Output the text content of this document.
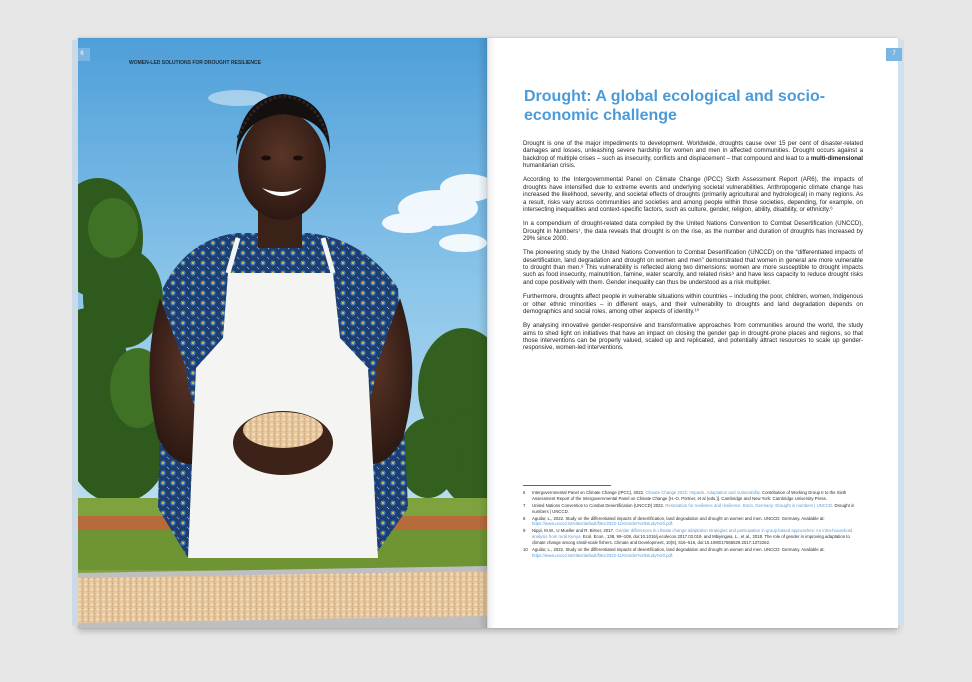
6	UNCCD | 2024
SUMMARY FOR POLICY MAKERS
WOMEN-LED SOLUTIONS FOR DROUGHT RESILIENCE
7
Drought: A global ecological and socio-economic challenge

Drought is one of the major impediments to development. Worldwide, droughts cause over 15 per cent of disaster-related damages and losses, unleashing severe hardship for women and men in affected communities. Drought occurs against a backdrop of multiple crises – such as insecurity, conflicts and displacement – that compound and lead to a multi-dimensional humanitarian crisis.

According to the Intergovernmental Panel on Climate Change (IPCC) Sixth Assessment Report (AR6), the impacts of droughts have intensified due to extreme events and underlying societal vulnerabilities. Anthropogenic climate change has increased the likelihood, severity, and societal effects of droughts (primarily agricultural and hydrological) in many regions. As a result, risks vary across communities and societies and among people within those societies, depending, for example, on intersecting inequalities and context-specific factors, such as culture, gender, religion, ability, disability, or ethnicity.⁶

In a compendium of drought-related data compiled by the United Nations Convention to Combat Desertification (UNCCD), Drought in Numbers⁷, the data reveals that drought is on the rise, as the number and duration of droughts has increased by 29% since 2000.

The pioneering study by the United Nations Convention to Combat Desertification (UNCCD) on the “differentiated impacts of desertification, land degradation and drought on women and men” demonstrated that women in general are more vulnerable to drought than men.⁸ This vulnerability is reflected along two dimensions: women are more susceptible to drought impacts such as food insecurity, malnutrition, famine, water scarcity, and related risks⁹ and have less capacity to reduce drought risks and cope positively with them. Gender inequality can thus be understood as a risk multiplier.

Furthermore, droughts affect people in vulnerable situations within countries – including the poor, children, women, Indigenous or other ethnic minorities – in different ways, and their vulnerability to droughts and land degradation depends on demographics and social roles, among other aspects of identity.¹⁰

By analysing innovative gender-responsive and transformative approaches from communities around the world, the study aims to shed light on initiatives that have an impact on closing the gender gap in drought-prone places and regions, so that those interventions can be properly valued, scaled up and replicated, and potentially attract resources to scale up gender-responsive, women-led interventions.

6	Intergovernmental Panel on Climate Change (IPCC), 2022. Climate Change 2022: Impacts, Adaptation and Vulnerability. Contribution of Working Group II to the Sixth Assessment Report of the Intergovernmental Panel on Climate Change [H.-O. Pörtner, et al (eds.)]. Cambridge and New York: Cambridge University Press.
7	United Nations Convention to Combat Desertification (UNCCD) 2022. Restoration for resilience and resilience. Bonn, Germany: Drought in numbers | UNCCD. Drought in numbers | UNCCD.
8	Aguilar, L., 2022. Study on the differentiated impacts of desertification, land degradation and drought on women and men. UNCCD: Germany. Available at: https://www.unccd.int/sites/default/files/2022-11/Gender%20study%20.pdf.
9	Nippi, M.W., U Mueller and R. Birner, 2017. Gender differences in climate change adaptation strategies and participation in group-based approaches: An intra-household analysis from rural Kenya. Ecol. Econ., 138, 99–108, doi:10.1016/j.ecolecon.2017.03.019. and Mbiyingwa, L., et al., 2018. The role of gender in improving adaptation to climate change among small-scale fishers. Climate and Development, 10(6), 516–516, doi:10.1080/17565529.2017.1372262.
10 Aguilar, L., 2022. Study on the differentiated impacts of desertification, land degradation and drought on women and men. UNCCD: Germany. Available at: https://www.unccd.int/sites/default/files/2022-11/Gender%20study%20.pdf.
